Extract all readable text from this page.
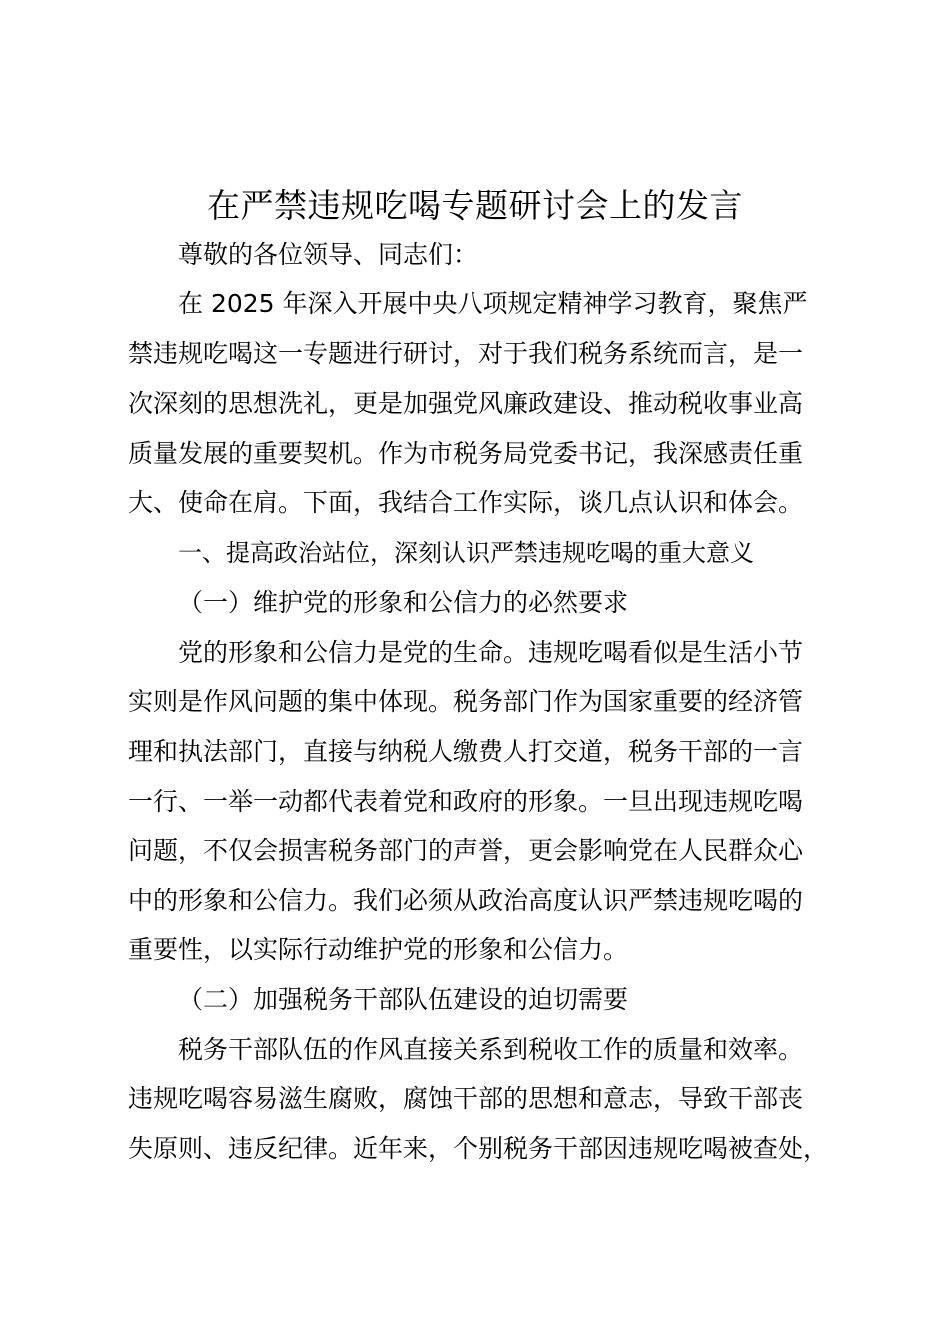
在严禁违规吃喝专题研讨会上的发言
尊敬的各位领导、同志们：
在 2025 年深入开展中央八项规定精神学习教育，聚焦严
禁违规吃喝这一专题进行研讨，对于我们税务系统而言，是一
次深刻的思想洗礼，更是加强党风廉政建设、推动税收事业高
质量发展的重要契机。作为市税务局党委书记，我深感责任重
大、使命在肩。下面，我结合工作实际，谈几点认识和体会。
一、提高政治站位，深刻认识严禁违规吃喝的重大意义
（一）维护党的形象和公信力的必然要求
党的形象和公信力是党的生命。违规吃喝看似是生活小节
实则是作风问题的集中体现。税务部门作为国家重要的经济管
理和执法部门，直接与纳税人缴费人打交道，税务干部的一言
一行、一举一动都代表着党和政府的形象。一旦出现违规吃喝
问题，不仅会损害税务部门的声誉，更会影响党在人民群众心
中的形象和公信力。我们必须从政治高度认识严禁违规吃喝的
重要性，以实际行动维护党的形象和公信力。
（二）加强税务干部队伍建设的迫切需要
税务干部队伍的作风直接关系到税收工作的质量和效率。
违规吃喝容易滋生腐败，腐蚀干部的思想和意志，导致干部丧
失原则、违反纪律。近年来，个别税务干部因违规吃喝被查处，
